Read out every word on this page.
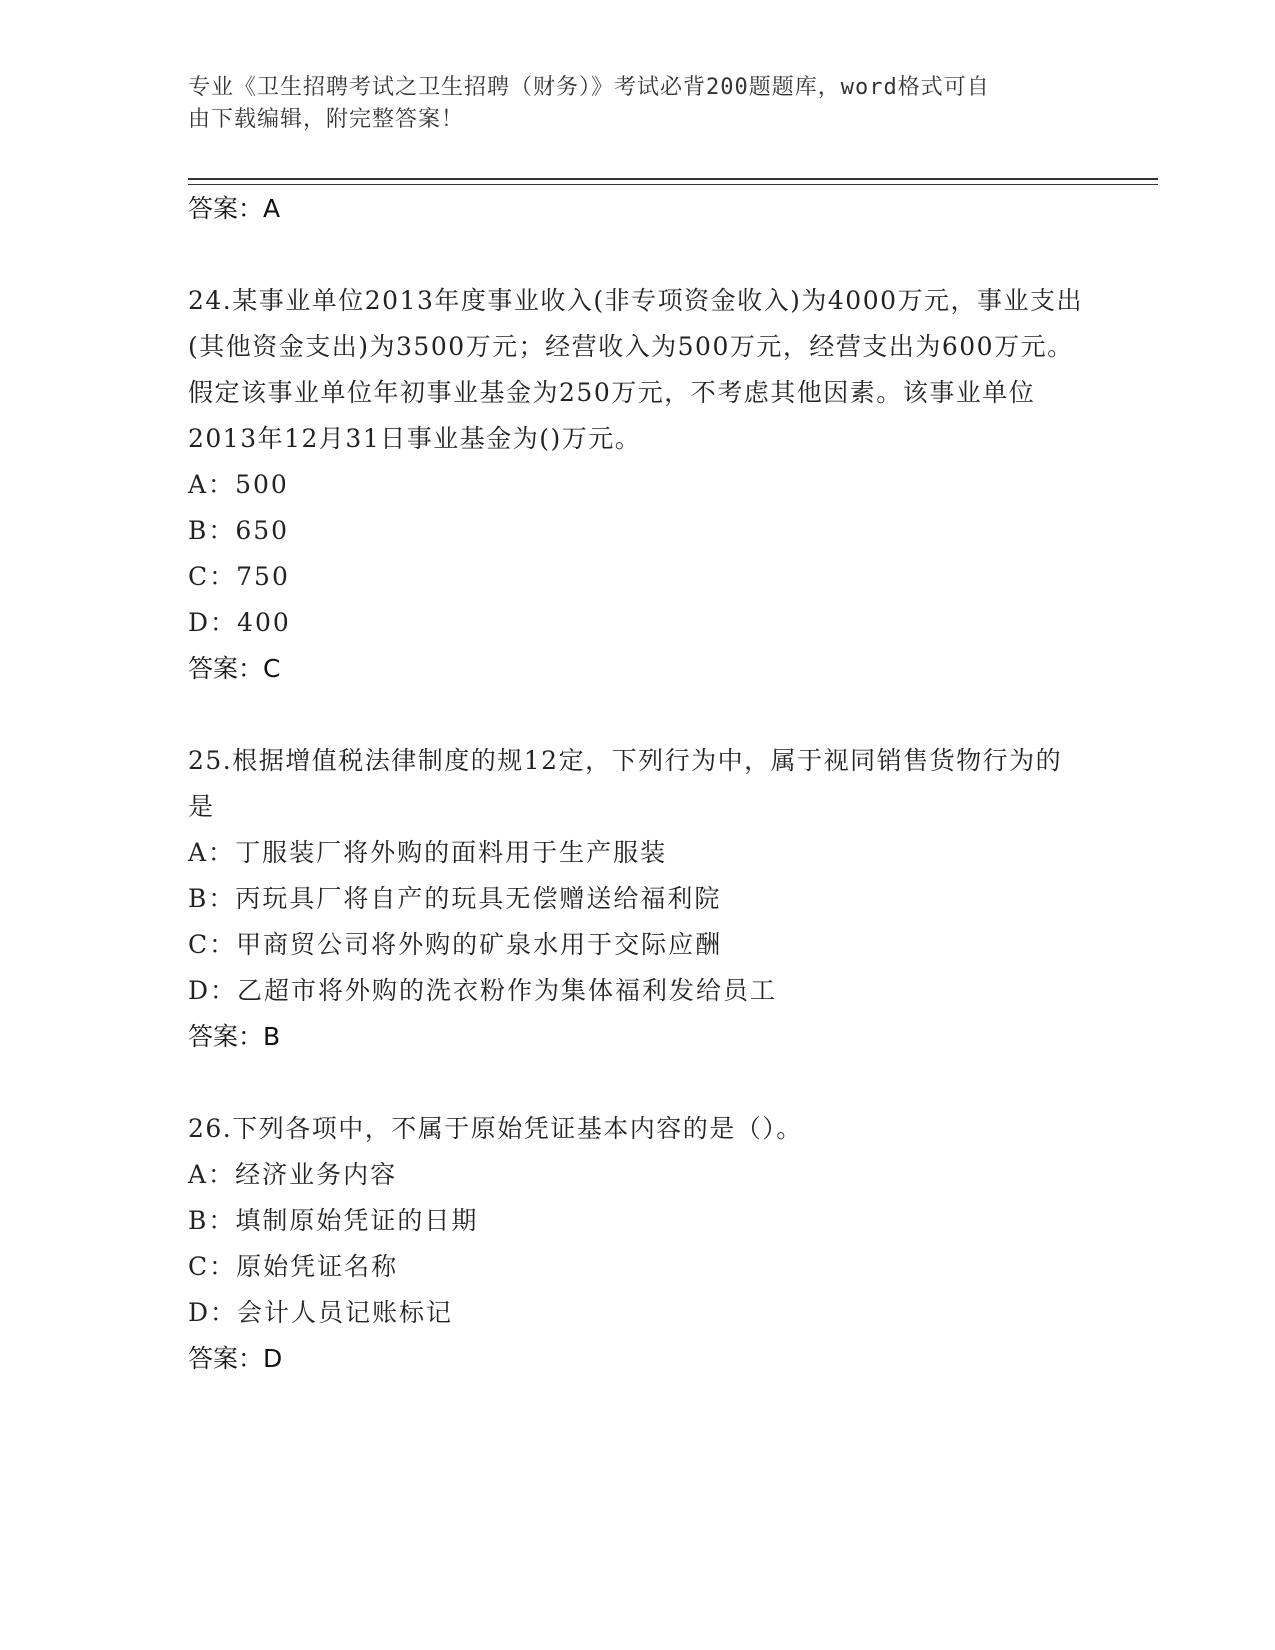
专业《卫生招聘考试之卫生招聘（财务）》考试必背200题题库，word格式可自
由下载编辑，附完整答案！
答案：A
24.某事业单位2013年度事业收入(非专项资金收入)为4000万元，事业支出(其他资金支出)为3500万元；经营收入为500万元，经营支出为600万元。假定该事业单位年初事业基金为250万元，不考虑其他因素。该事业单位2013年12月31日事业基金为()万元。
A：500
B：650
C：750
D：400
答案：C
25.根据增值税法律制度的规12定，下列行为中，属于视同销售货物行为的是
A：丁服装厂将外购的面料用于生产服装
B：丙玩具厂将自产的玩具无偿赠送给福利院
C：甲商贸公司将外购的矿泉水用于交际应酬
D：乙超市将外购的洗衣粉作为集体福利发给员工
答案：B
26.下列各项中，不属于原始凭证基本内容的是（）。
A：经济业务内容
B：填制原始凭证的日期
C：原始凭证名称
D：会计人员记账标记
答案：D
